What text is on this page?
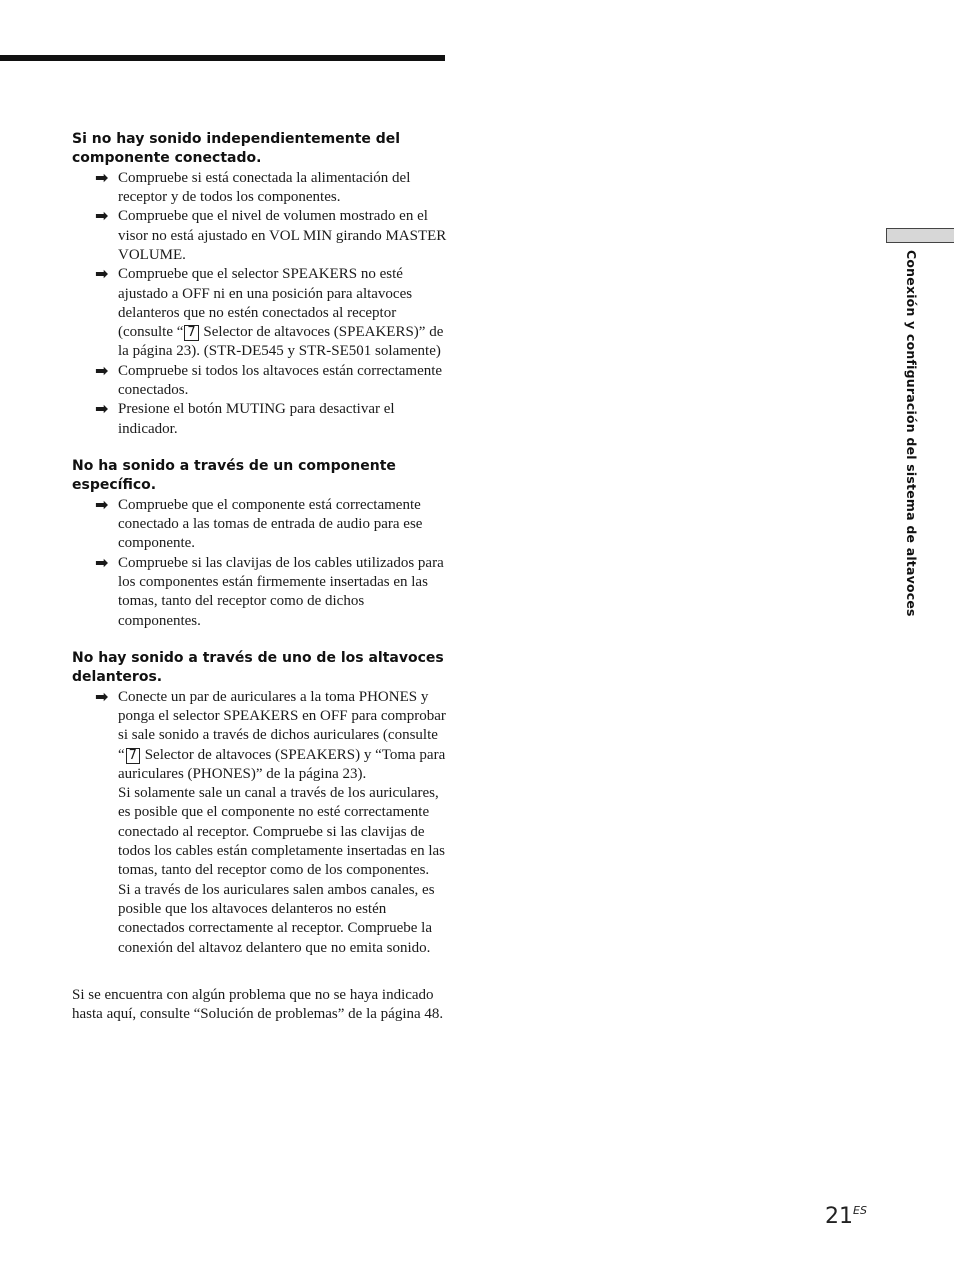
Si no hay sonido independientemente del componente conectado.

➡ Compruebe si está conectada la alimentación del receptor y de todos los componentes.
➡ Compruebe que el nivel de volumen mostrado en el visor no está ajustado en VOL MIN girando MASTER VOLUME.
➡ Compruebe que el selector SPEAKERS no esté ajustado a OFF ni en una posición para altavoces delanteros que no estén conectados al receptor (consulte “ 7 Selector de altavoces (SPEAKERS)” de la página 23). (STR-DE545 y STR-SE501 solamente)
➡ Compruebe si todos los altavoces están correctamente conectados.
➡ Presione el botón MUTING para desactivar el indicador.

No ha sonido a través de un componente específico.

➡ Compruebe que el componente está correctamente conectado a las tomas de entrada de audio para ese componente.
➡ Compruebe si las clavijas de los cables utilizados para los componentes están firmemente insertadas en las tomas, tanto del receptor como de dichos componentes.

No hay sonido a través de uno de los altavoces delanteros.

➡ Conecte un par de auriculares a la toma PHONES y ponga el selector SPEAKERS en OFF para comprobar si sale sonido a través de dichos auriculares (consulte “ 7 Selector de altavoces (SPEAKERS) y “Toma para auriculares (PHONES)” de la página 23).
Si solamente sale un canal a través de los auriculares, es posible que el componente no esté correctamente conectado al receptor. Compruebe si las clavijas de todos los cables están completamente insertadas en las tomas, tanto del receptor como de los componentes.
Si a través de los auriculares salen ambos canales, es posible que los altavoces delanteros no estén conectados correctamente al receptor. Compruebe la conexión del altavoz delantero que no emita sonido.

Si se encuentra con algún problema que no se haya indicado hasta aquí, consulte “Solución de problemas” de la página 48.

Conexión y configuración del sistema de altavoces
$21^{ES}$
